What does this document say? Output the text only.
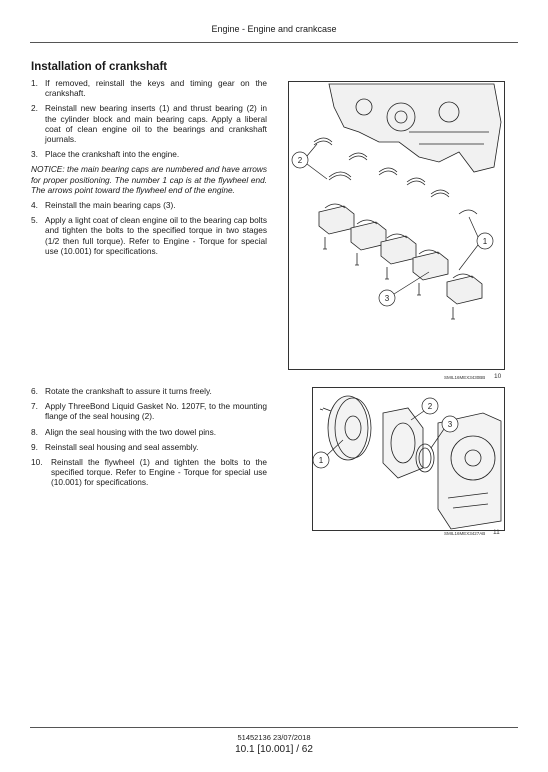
Engine - Engine and crankcase
Installation of crankshaft
1. If removed, reinstall the keys and timing gear on the crankshaft.
2. Reinstall new bearing inserts (1) and thrust bearing (2) in the cylinder block and main bearing caps. Apply a liberal coat of clean engine oil to the bearings and crankshaft journals.
3. Place the crankshaft into the engine.
NOTICE: the main bearing caps are numbered and have arrows for proper positioning. The number 1 cap is at the flywheel end. The arrows point toward the flywheel end of the engine.
4. Reinstall the main bearing caps (3).
5. Apply a light coat of clean engine oil to the bearing cap bolts and tighten the bolts to the specified torque in two stages (1/2 then full torque). Refer to Engine - Torque for special use (10.001) for specifications.
6. Rotate the crankshaft to assure it turns freely.
7. Apply ThreeBond Liquid Gasket No. 1207F, to the mounting flange of the seal housing (2).
8. Align the seal housing with the two dowel pins.
9. Reinstall seal housing and seal assembly.
10.	Reinstall the flywheel (1) and tighten the bolts to the specified torque. Refer to Engine - Torque for special use (10.001) for specifications.
2
1
3
SMIL16MEX3430BB 10
1
2
3
SMIL16MEX3427AB 11
51452136 23/07/2018
10.1 [10.001] / 62
